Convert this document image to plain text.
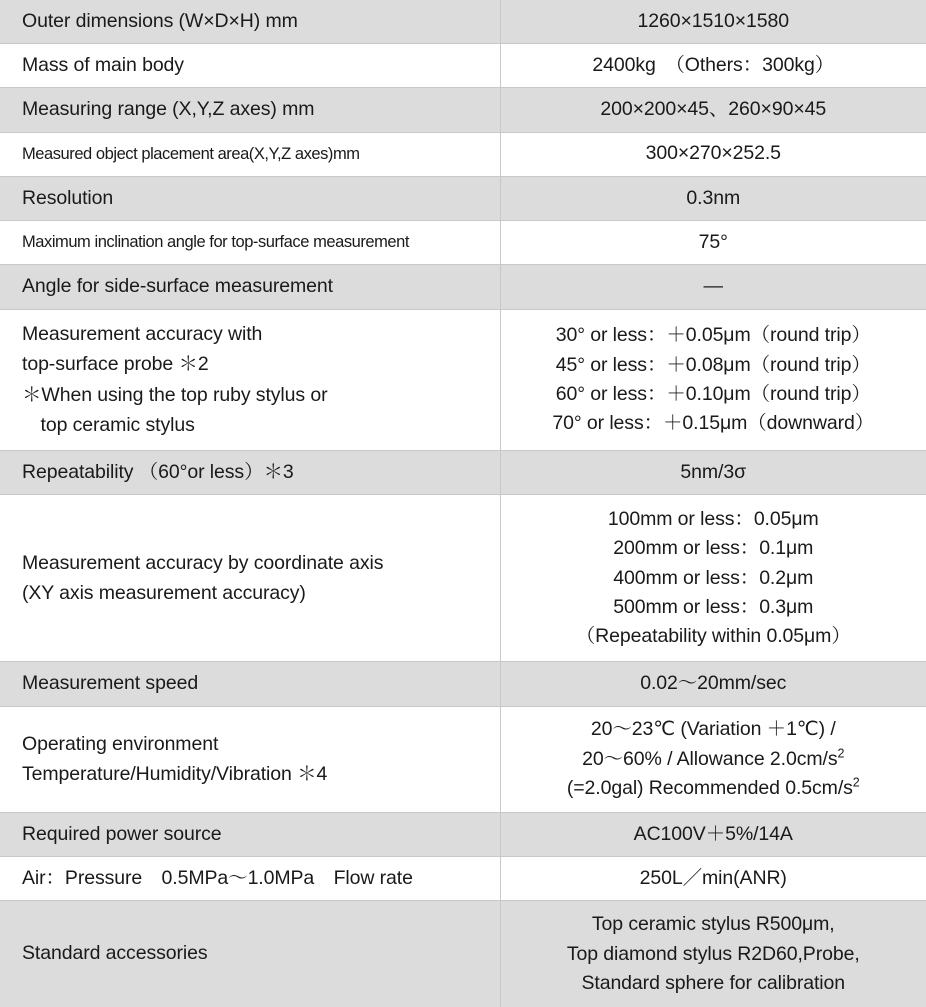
Outer dimensions (W×D×H) mm	1260×1510×1580
Mass of main body	2400kg　（Others：300kg）
Measuring range (X,Y,Z axes) mm	200×200×45、260×90×45
Measured object placement area(X,Y,Z axes)mm	300×270×252.5
Resolution	0.3nm
Maximum inclination angle for top-surface measurement	75°
Angle for side-surface measurement	—

Measurement accuracy with
top-surface probe ＊2
＊When using the top ruby stylus or
top ceramic stylus	30° or less：＋0.05μm（round trip）
45° or less：＋0.08μm（round trip）
60° or less：＋0.10μm（round trip）
70° or less：＋0.15μm（downward）

Repeatability （60°or less）＊3	5nm/3σ

Measurement accuracy by coordinate axis
(XY axis measurement accuracy)	100mm or less：0.05μm
200mm or less：0.1μm
400mm or less：0.2μm
500mm or less：0.3μm
（Repeatability within 0.05μm）

Measurement speed	0.02～20mm/sec

Operating environment
Temperature/Humidity/Vibration ＊4	20～23℃ (Variation ＋1℃) /
20～60% / Allowance $2.0cm/s^2$
(=2.0gal) Recommended $0.5cm/s^2$

Required power source	AC100V＋5%/14A
Air：Pressure　0.5MPa～1.0MPa　Flow rate	250L／min(ANR)
Standard accessories	Top ceramic stylus R500μm,
Top diamond stylus R2D60,Probe,
Standard sphere for calibration
